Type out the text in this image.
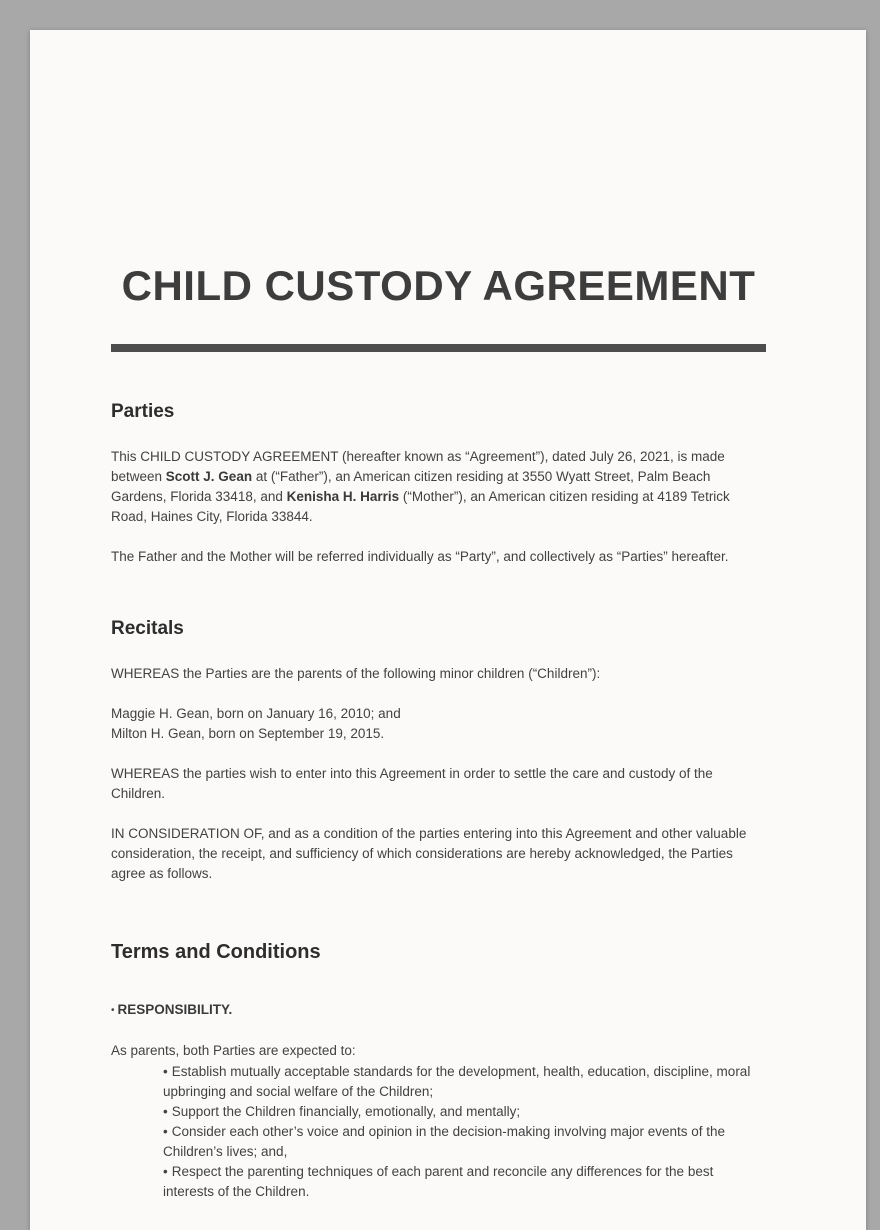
CHILD CUSTODY AGREEMENT
Parties

This CHILD CUSTODY AGREEMENT (hereafter known as “Agreement”), dated July 26, 2021, is made between Scott J. Gean at (“Father”), an American citizen residing at 3550 Wyatt Street, Palm Beach Gardens, Florida 33418, and Kenisha H. Harris (“Mother”), an American citizen residing at 4189 Tetrick Road, Haines City, Florida 33844.

The Father and the Mother will be referred individually as “Party”, and collectively as “Parties” hereafter.

Recitals

WHEREAS the Parties are the parents of the following minor children (“Children”):

Maggie H. Gean, born on January 16, 2010; and
Milton H. Gean, born on September 19, 2015.

WHEREAS the parties wish to enter into this Agreement in order to settle the care and custody of the Children.

IN CONSIDERATION OF, and as a condition of the parties entering into this Agreement and other valuable consideration, the receipt, and sufficiency of which considerations are hereby acknowledged, the Parties agree as follows.

Terms and Conditions

• RESPONSIBILITY.

As parents, both Parties are expected to:

• Establish mutually acceptable standards for the development, health, education, discipline, moral upbringing and social welfare of the Children;

• Support the Children financially, emotionally, and mentally;

• Consider each other’s voice and opinion in the decision-making involving major events of the Children’s lives; and,

• Respect the parenting techniques of each parent and reconcile any differences for the best interests of the Children.
